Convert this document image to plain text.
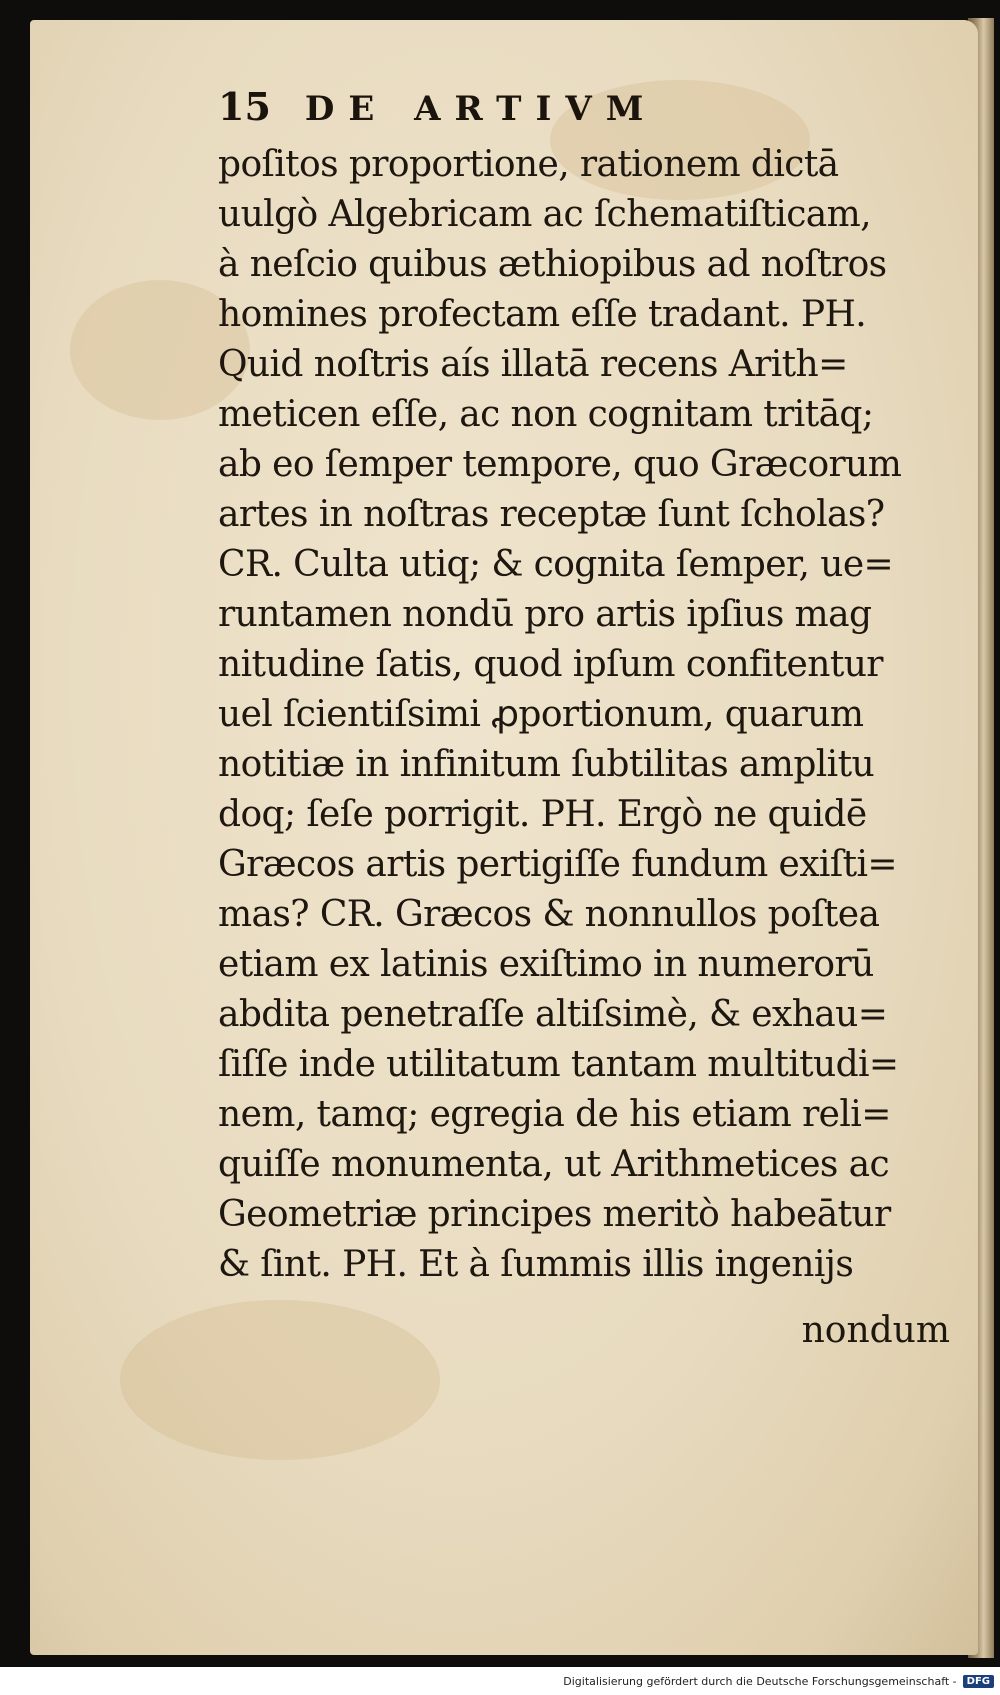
15 DE ARTIVM
poſitos proportione, rationem dictā
uulgò Algebricam ac ſchematiſticam,
à neſcio quibus æthiopibus ad noſtros
homines profectam eſſe tradant. PH.
Quid noſtris aís illatā recens Arith=
meticen eſſe, ac non cognitam tritāq;
ab eo ſemper tempore, quo Græcorum
artes in noſtras receptæ ſunt ſcholas?
CR. Culta utiq; & cognita ſemper, ue=
runtamen nondū pro artis ipſius mag
nitudine ſatis, quod ipſum confitentur
uel ſcientiſsimi ꝓportionum, quarum
notitiæ in infinitum ſubtilitas amplitu
doq; ſeſe porrigit. PH. Ergò ne quidē
Græcos artis pertigiſſe fundum exiſti=
mas? CR. Græcos & nonnullos poſtea
etiam ex latinis exiſtimo in numerorū
abdita penetraſſe altiſsimè, & exhau=
ſiſſe inde utilitatum tantam multitudi=
nem, tamq; egregia de his etiam reli=
quiſſe monumenta, ut Arithmetices ac
Geometriæ principes meritò habeātur
& ſint. PH. Et à ſummis illis ingenijs
nondum
Digitalisierung gefördert durch die Deutsche Forschungsgemeinschaft -	DFG
